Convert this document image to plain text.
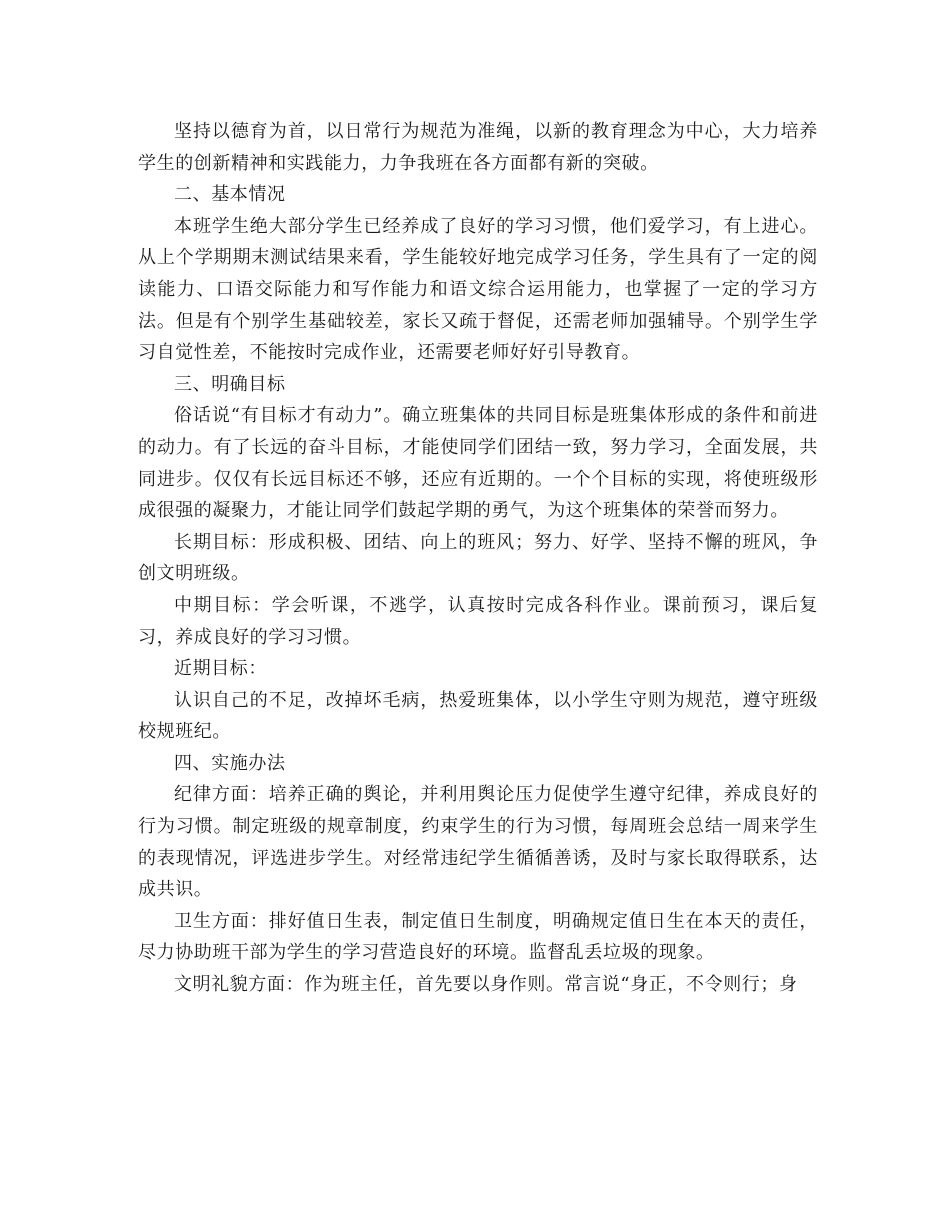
坚持以德育为首，以日常行为规范为准绳，以新的教育理念为中心，大力培养学生的创新精神和实践能力，力争我班在各方面都有新的突破。

二、基本情况

本班学生绝大部分学生已经养成了良好的学习习惯，他们爱学习，有上进心。从上个学期期末测试结果来看，学生能较好地完成学习任务，学生具有了一定的阅读能力、口语交际能力和写作能力和语文综合运用能力，也掌握了一定的学习方法。但是有个别学生基础较差，家长又疏于督促，还需老师加强辅导。个别学生学习自觉性差，不能按时完成作业，还需要老师好好引导教育。

三、明确目标

俗话说“有目标才有动力”。确立班集体的共同目标是班集体形成的条件和前进的动力。有了长远的奋斗目标，才能使同学们团结一致，努力学习，全面发展，共同进步。仅仅有长远目标还不够，还应有近期的。一个个目标的实现，将使班级形成很强的凝聚力，才能让同学们鼓起学期的勇气，为这个班集体的荣誉而努力。

长期目标：形成积极、团结、向上的班风；努力、好学、坚持不懈的班风，争创文明班级。

中期目标：学会听课，不逃学，认真按时完成各科作业。课前预习，课后复习，养成良好的学习习惯。

近期目标：

认识自己的不足，改掉坏毛病，热爱班集体，以小学生守则为规范，遵守班级校规班纪。

四、实施办法

纪律方面：培养正确的舆论，并利用舆论压力促使学生遵守纪律，养成良好的行为习惯。制定班级的规章制度，约束学生的行为习惯，每周班会总结一周来学生的表现情况，评选进步学生。对经常违纪学生循循善诱，及时与家长取得联系，达成共识。

卫生方面：排好值日生表，制定值日生制度，明确规定值日生在本天的责任，尽力协助班干部为学生的学习营造良好的环境。监督乱丢垃圾的现象。

文明礼貌方面：作为班主任，首先要以身作则。常言说“身正，不令则行；身
